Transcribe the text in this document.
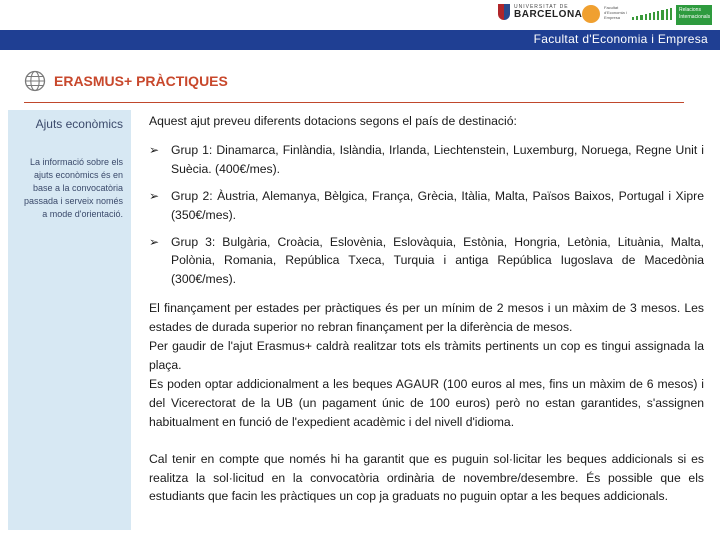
UNIVERSITAT DE
BARCELONA
Facultat d'Economia i Empresa
Relacions Internacionals
Facultat d'Economia i Empresa
ERASMUS+ PRÀCTIQUES
Ajuts econòmics
La informació sobre els ajuts econòmics és en base a la convocatòria passada i serveix només a mode d'orientació.

Aquest ajut preveu diferents dotacions segons el país de destinació:

➢ Grup 1: Dinamarca, Finlàndia, Islàndia, Irlanda, Liechtenstein, Luxemburg, Noruega, Regne Unit i Suècia. (400€/mes).
➢ Grup 2: Àustria, Alemanya, Bèlgica, França, Grècia, Itàlia, Malta, Països Baixos, Portugal i Xipre (350€/mes).
➢ Grup 3: Bulgària, Croàcia, Eslovènia, Eslovàquia, Estònia, Hongria, Letònia, Lituània, Malta, Polònia, Romania, República Txeca, Turquia i antiga República Iugoslava de Macedònia (300€/mes).

El finançament per estades per pràctiques és per un mínim de 2 mesos i un màxim de 3 mesos. Les estades de durada superior no rebran finançament per la diferència de mesos.

Per gaudir de l'ajut Erasmus+ caldrà realitzar tots els tràmits pertinents un cop es tingui assignada la plaça.

Es poden optar addicionalment a les beques AGAUR (100 euros al mes, fins un màxim de 6 mesos) i del Vicerectorat de la UB (un pagament únic de 100 euros) però no estan garantides, s'assignen habitualment en funció de l'expedient acadèmic i del nivell d'idioma.

Cal tenir en compte que només hi ha garantit que es puguin sol·licitar les beques addicionals si es realitza la sol·licitud en la convocatòria ordinària de novembre/desembre. És possible que els estudiants que facin les pràctiques un cop ja graduats no puguin optar a les beques addicionals.
